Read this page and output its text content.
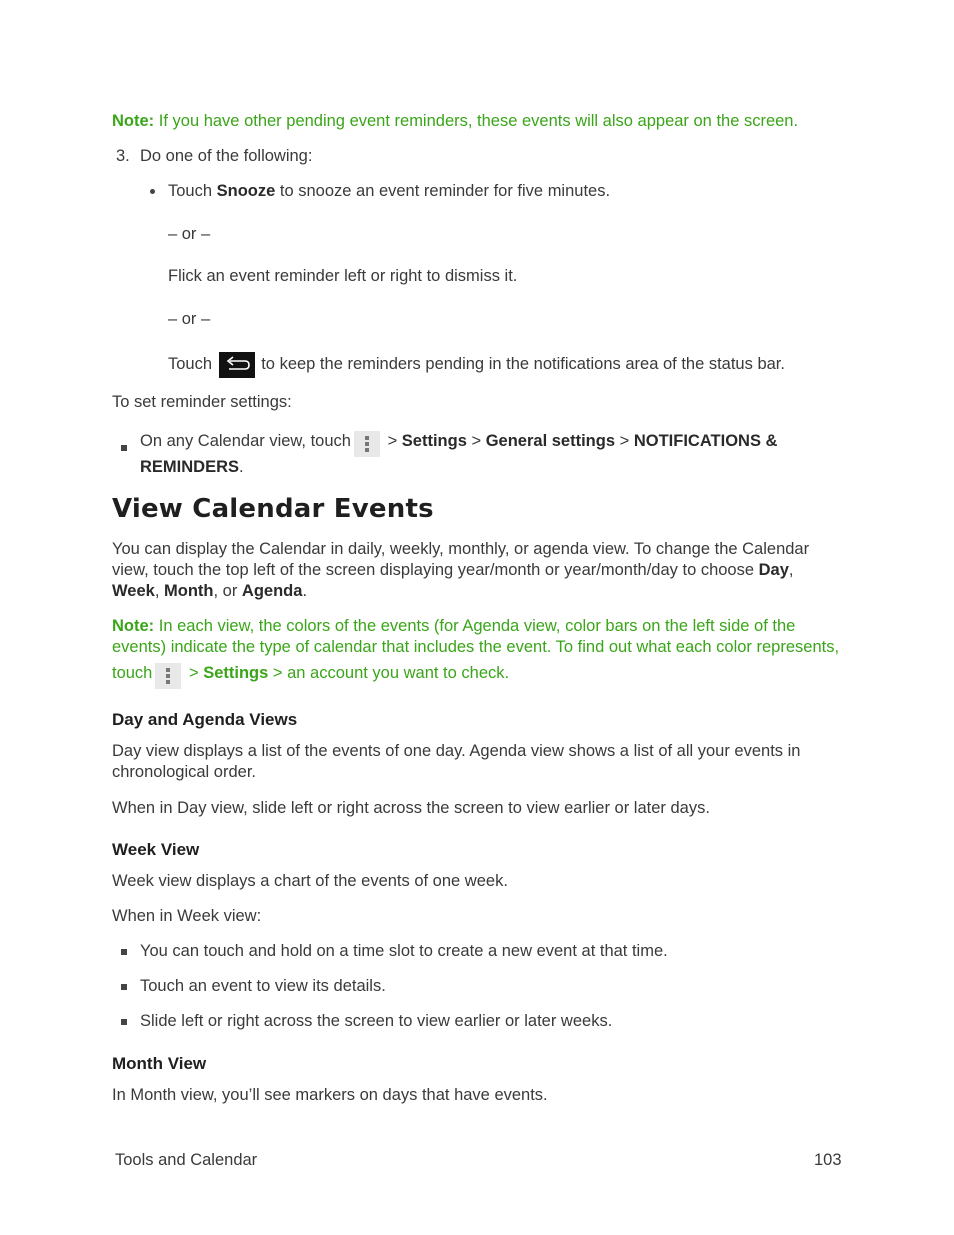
Note: If you have other pending event reminders, these events will also appear on the screen.
3. Do one of the following:
Touch Snooze to snooze an event reminder for five minutes.
– or –
Flick an event reminder left or right to dismiss it.
– or –
Touch	to keep the reminders pending in the notifications area of the status bar.
To set reminder settings:
On any Calendar view, touch > Settings > General settings > NOTIFICATIONS &
REMINDERS.
View Calendar Events
You can display the Calendar in daily, weekly, monthly, or agenda view. To change the Calendar
view, touch the top left of the screen displaying year/month or year/month/day to choose Day,
Week, Month, or Agenda.
Note: In each view, the colors of the events (for Agenda view, color bars on the left side of the
events) indicate the type of calendar that includes the event. To find out what each color represents,
touch > Settings > an account you want to check.
Day and Agenda Views
Day view displays a list of the events of one day. Agenda view shows a list of all your events in
chronological order.
When in Day view, slide left or right across the screen to view earlier or later days.
Week View
Week view displays a chart of the events of one week.
When in Week view:
You can touch and hold on a time slot to create a new event at that time.
Touch an event to view its details.
Slide left or right across the screen to view earlier or later weeks.
Month View
In Month view, you’ll see markers on days that have events.
Tools and Calendar	103
